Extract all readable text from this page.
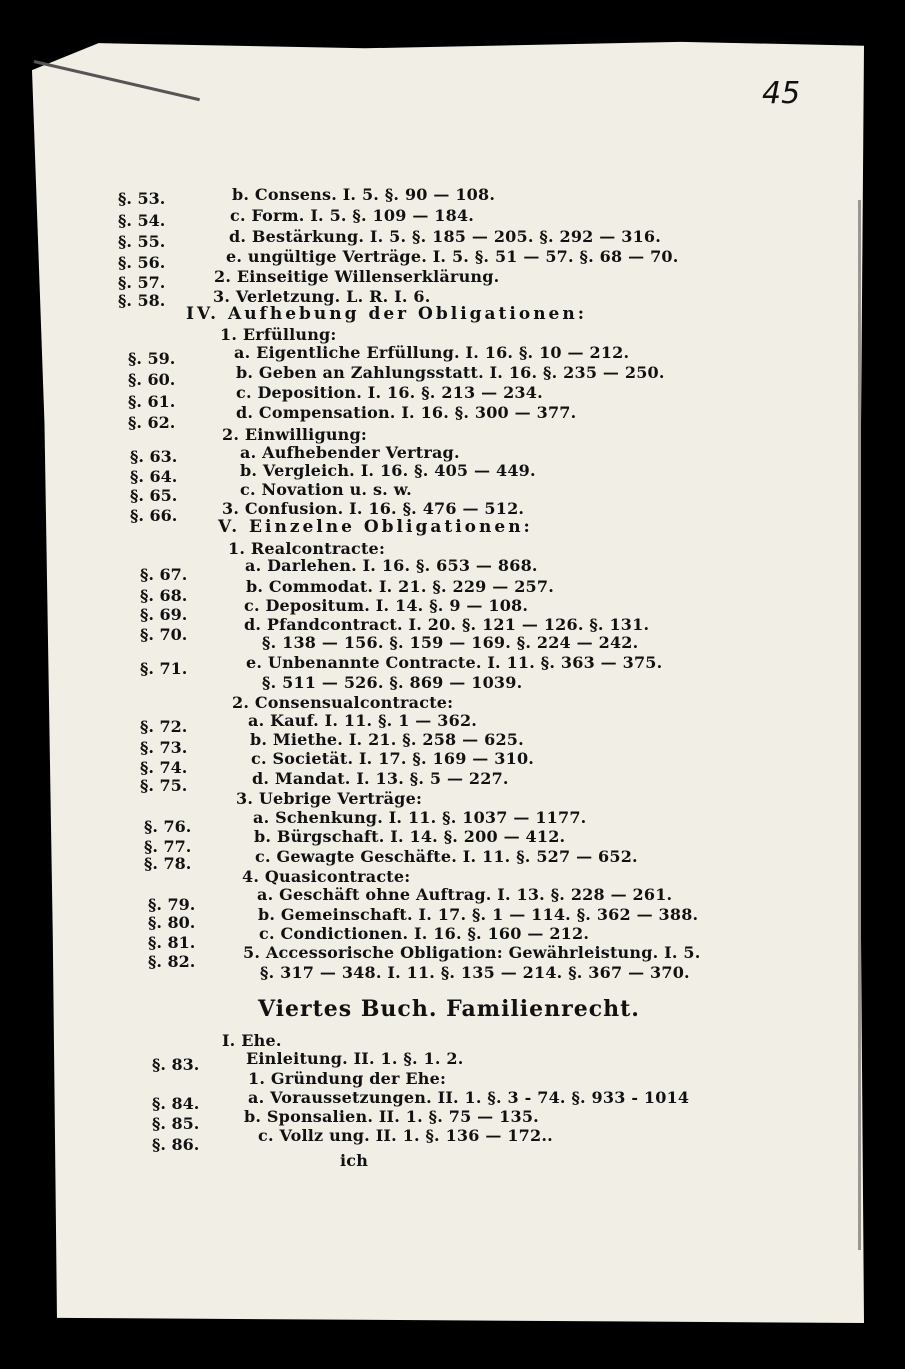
45
§. 53.
§. 54.
§. 55.
§. 56.
§. 57.
§. 58.
§. 59.
§. 60.
§. 61.
§. 62.
§. 63.
§. 64.
§. 65.
§. 66.
§. 67.
§. 68.
§. 69.
§. 70.
§. 71.
§. 72.
§. 73.
§. 74.
§. 75.
§. 76.
§. 77.
§. 78.
§. 79.
§. 80.
§. 81.
§. 82.
§. 83.
§. 84.
§. 85.
§. 86.
b. Consens. I. 5. §. 90 — 108.
c. Form. I. 5. §. 109 — 184.
d. Bestärkung. I. 5. §. 185 — 205. §. 292 — 316.
e. ungültige Verträge. I. 5. §. 51 — 57. §. 68 — 70.
2. Einseitige Willenserklärung.
3. Verletzung. L. R. I. 6.
IV. Aufhebung der Obligationen:
1. Erfüllung:
a. Eigentliche Erfüllung. I. 16. §. 10 — 212.
b. Geben an Zahlungsstatt. I. 16. §. 235 — 250.
c. Deposition. I. 16. §. 213 — 234.
d. Compensation. I. 16. §. 300 — 377.
2. Einwilligung:
a. Aufhebender Vertrag.
b. Vergleich. I. 16. §. 405 — 449.
c. Novation u. s. w.
3. Confusion. I. 16. §. 476 — 512.
V. Einzelne Obligationen:
1. Realcontracte:
a. Darlehen. I. 16. §. 653 — 868.
b. Commodat. I. 21. §. 229 — 257.
c. Depositum. I. 14. §. 9 — 108.
d. Pfandcontract. I. 20. §. 121 — 126. §. 131.
§. 138 — 156. §. 159 — 169. §. 224 — 242.
e. Unbenannte Contracte. I. 11. §. 363 — 375.
§. 511 — 526. §. 869 — 1039.
2. Consensualcontracte:
a. Kauf. I. 11. §. 1 — 362.
b. Miethe. I. 21. §. 258 — 625.
c. Societät. I. 17. §. 169 — 310.
d. Mandat. I. 13. §. 5 — 227.
3. Uebrige Verträge:
a. Schenkung. I. 11. §. 1037 — 1177.
b. Bürgschaft. I. 14. §. 200 — 412.
c. Gewagte Geschäfte. I. 11. §. 527 — 652.
4. Quasicontracte:
a. Geschäft ohne Auftrag. I. 13. §. 228 — 261.
b. Gemeinschaft. I. 17. §. 1 — 114. §. 362 — 388.
c. Condictionen. I. 16. §. 160 — 212.
5. Accessorische Obligation: Gewährleistung. I. 5.
§. 317 — 348. I. 11. §. 135 — 214. §. 367 — 370.
Viertes Buch. Familienrecht.
I. Ehe.
Einleitung. II. 1. §. 1. 2.
1. Gründung der Ehe:
a. Voraussetzungen. II. 1. §. 3 - 74. §. 933 - 1014
b. Sponsalien. II. 1. §. 75 — 135.
c. Vollz ung. II. 1. §. 136 — 172..
ich
